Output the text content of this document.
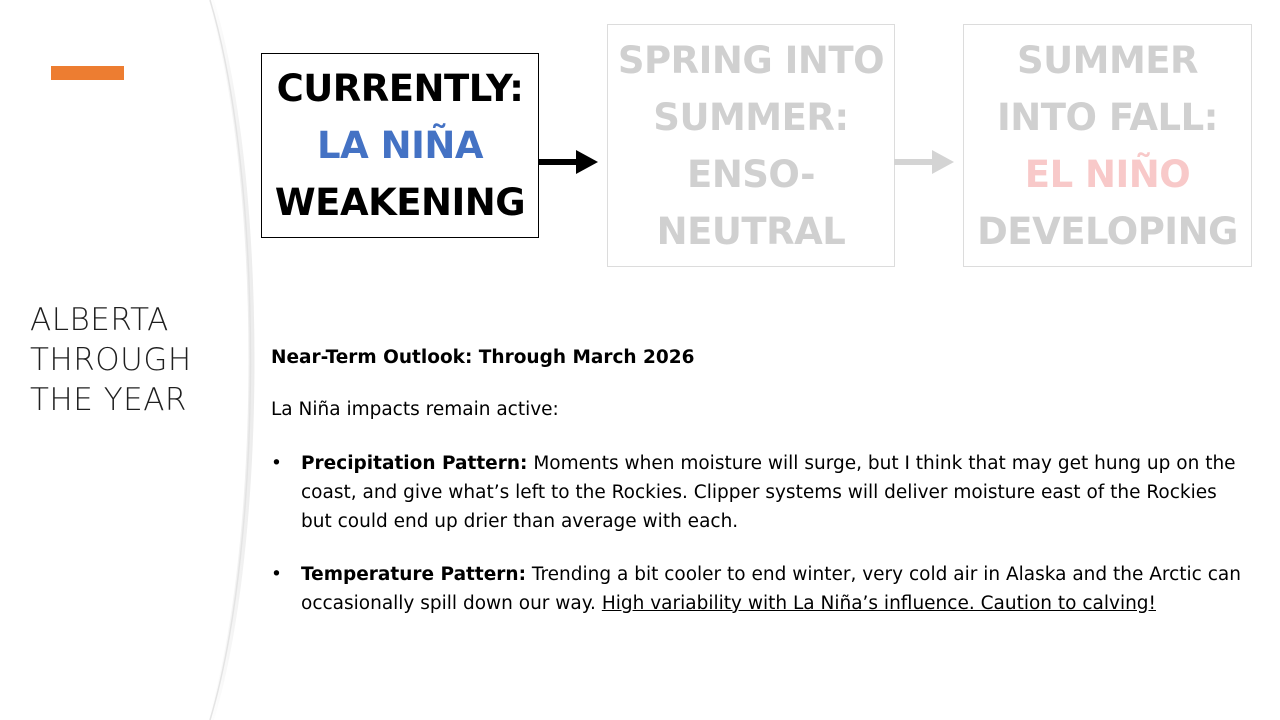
ALBERTA
THROUGH
THE YEAR
CURRENTLY:
LA NIÑA
WEAKENING
SPRING INTO
SUMMER:
ENSO-
NEUTRAL
SUMMER
INTO FALL:
EL NIÑO
DEVELOPING
Near-Term Outlook: Through March 2026
La Niña impacts remain active:
• Precipitation Pattern: Moments when moisture will surge, but I think that may get hung up on the coast, and give what’s left to the Rockies. Clipper systems will deliver moisture east of the Rockies but could end up drier than average with each.
• Temperature Pattern: Trending a bit cooler to end winter, very cold air in Alaska and the Arctic can occasionally spill down our way. High variability with La Niña’s influence. Caution to calving!
